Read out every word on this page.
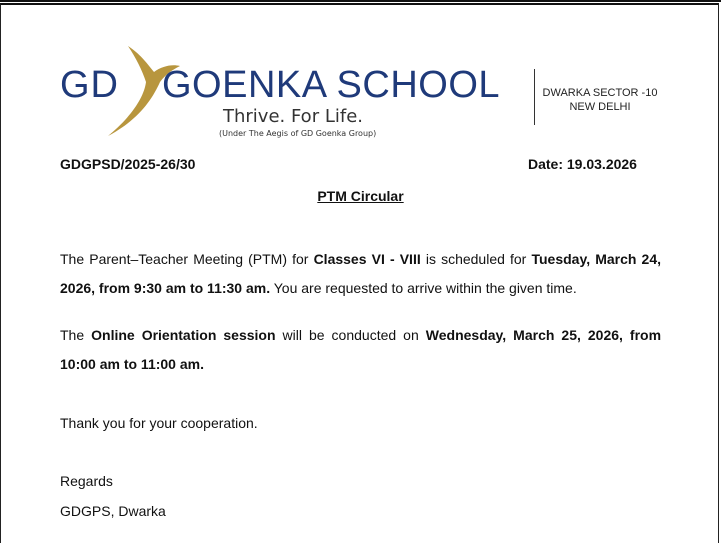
GD GOENKA SCHOOL
Thrive. For Life.
(Under The Aegis of GD Goenka Group)
DWARKA SECTOR -10
NEW DELHI
GDGPSD/2025-26/30	Date: 19.03.2026
PTM Circular
The Parent–Teacher Meeting (PTM) for Classes VI - VIII is scheduled for Tuesday, March 24, 2026, from 9:30 am to 11:30 am. You are requested to arrive within the given time.
The Online Orientation session will be conducted on Wednesday, March 25, 2026, from 10:00 am to 11:00 am.
Thank you for your cooperation.
Regards
GDGPS, Dwarka
